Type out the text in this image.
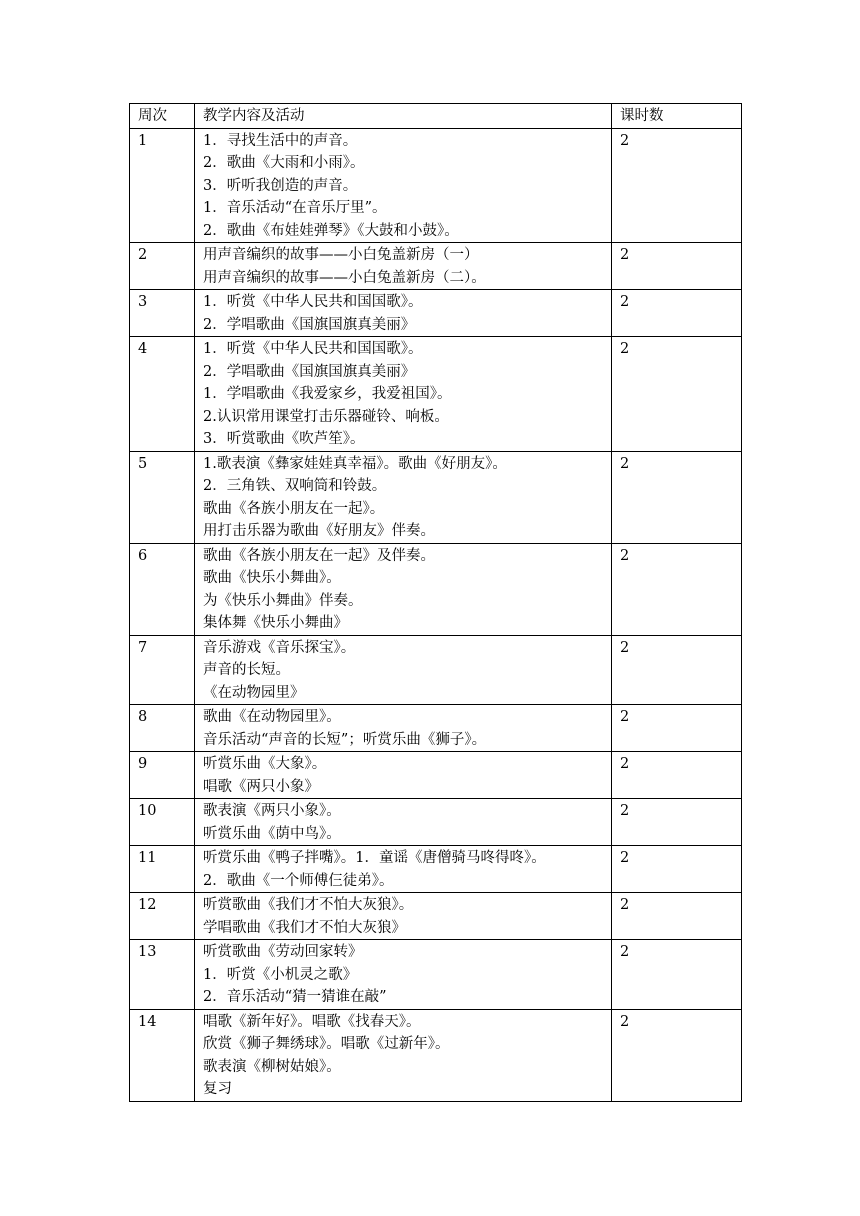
周次	教学内容及活动	课时数
1	1．寻找生活中的声音。
2．歌曲《大雨和小雨》。
3．听听我创造的声音。
1．音乐活动“在音乐厅里”。
2．歌曲《布娃娃弹琴》《大鼓和小鼓》。	2
2	用声音编织的故事——小白兔盖新房（一）
用声音编织的故事——小白兔盖新房（二）。	2
3	1．听赏《中华人民共和国国歌》。
2．学唱歌曲《国旗国旗真美丽》	2
4	1．听赏《中华人民共和国国歌》。
2．学唱歌曲《国旗国旗真美丽》
1．学唱歌曲《我爱家乡，我爱祖国》。
2.认识常用课堂打击乐器碰铃、响板。
3．听赏歌曲《吹芦笙》。	2
5	1.歌表演《彝家娃娃真幸福》。歌曲《好朋友》。
2．三角铁、双响筒和铃鼓。
歌曲《各族小朋友在一起》。
用打击乐器为歌曲《好朋友》伴奏。	2
6	歌曲《各族小朋友在一起》及伴奏。
歌曲《快乐小舞曲》。
为《快乐小舞曲》伴奏。
集体舞《快乐小舞曲》	2
7	音乐游戏《音乐探宝》。
声音的长短。
《在动物园里》	2
8	歌曲《在动物园里》。
音乐活动“声音的长短”；听赏乐曲《狮子》。	2
9	听赏乐曲《大象》。
唱歌《两只小象》	2
10	歌表演《两只小象》。
听赏乐曲《荫中鸟》。	2
11	听赏乐曲《鸭子拌嘴》。1．童谣《唐僧骑马咚得咚》。
2．歌曲《一个师傅仨徒弟》。	2
12	听赏歌曲《我们才不怕大灰狼》。
学唱歌曲《我们才不怕大灰狼》	2
13	听赏歌曲《劳动回家转》
1．听赏《小机灵之歌》
2．音乐活动“猜一猜谁在敲”	2
14	唱歌《新年好》。唱歌《找春天》。
欣赏《狮子舞绣球》。唱歌《过新年》。
歌表演《柳树姑娘》。
复习	2
